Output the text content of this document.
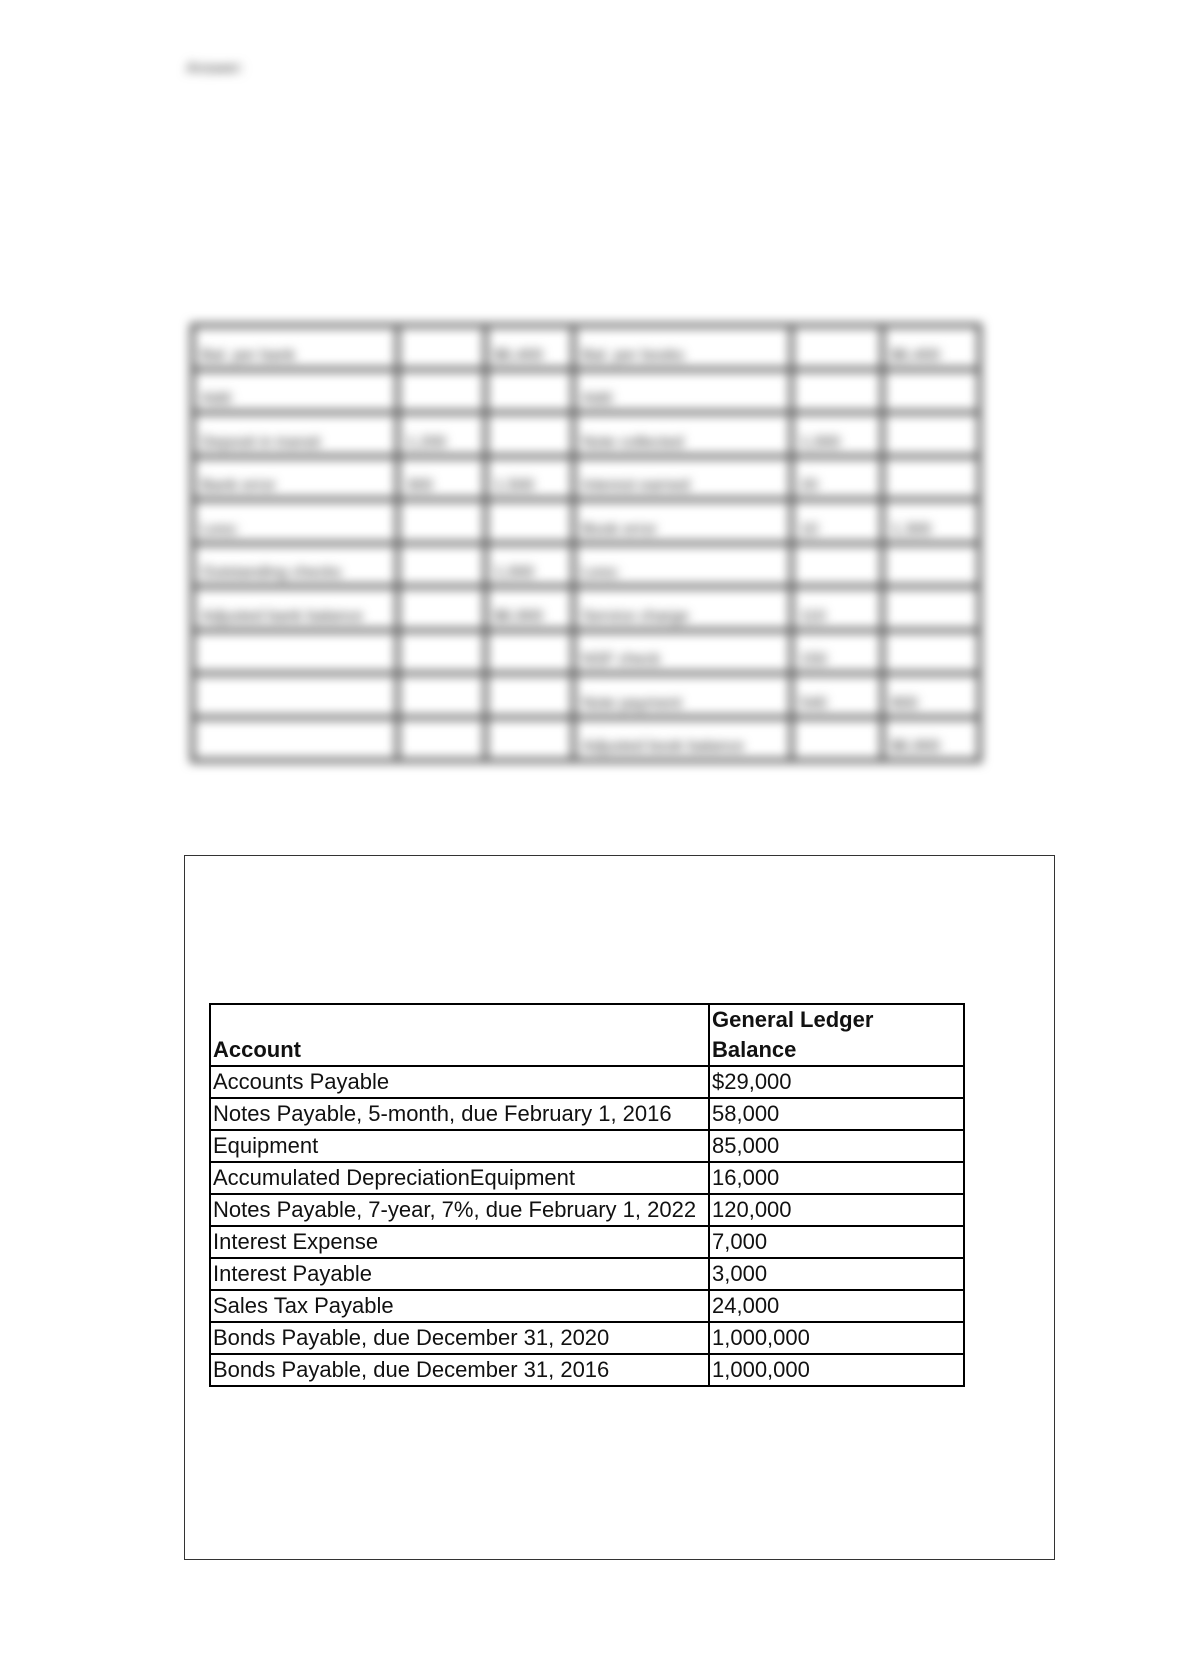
Answer:
Bal. per bank		$6,400	Bal. per books		$6,400
Add:			Add:		
Deposit in transit	1,200		Note collected	1,000	
Bank error	300	1,500	Interest earned	20	
Less:			Book error	10	1,300
Outstanding checks		1,000	Less:		
Adjusted bank balance		$6,900	Service charge	110	
			NSF check	150	
			Note payment	540	800
			Adjusted book balance		$6,900
Account	General Ledger Balance
Accounts Payable	$29,000
Notes Payable, 5-month, due February 1, 2016	58,000
Equipment	85,000
Accumulated DepreciationEquipment	16,000
Notes Payable, 7-year, 7%, due February 1, 2022	120,000
Interest Expense	7,000
Interest Payable	3,000
Sales Tax Payable	24,000
Bonds Payable, due December 31, 2020	1,000,000
Bonds Payable, due December 31, 2016	1,000,000
